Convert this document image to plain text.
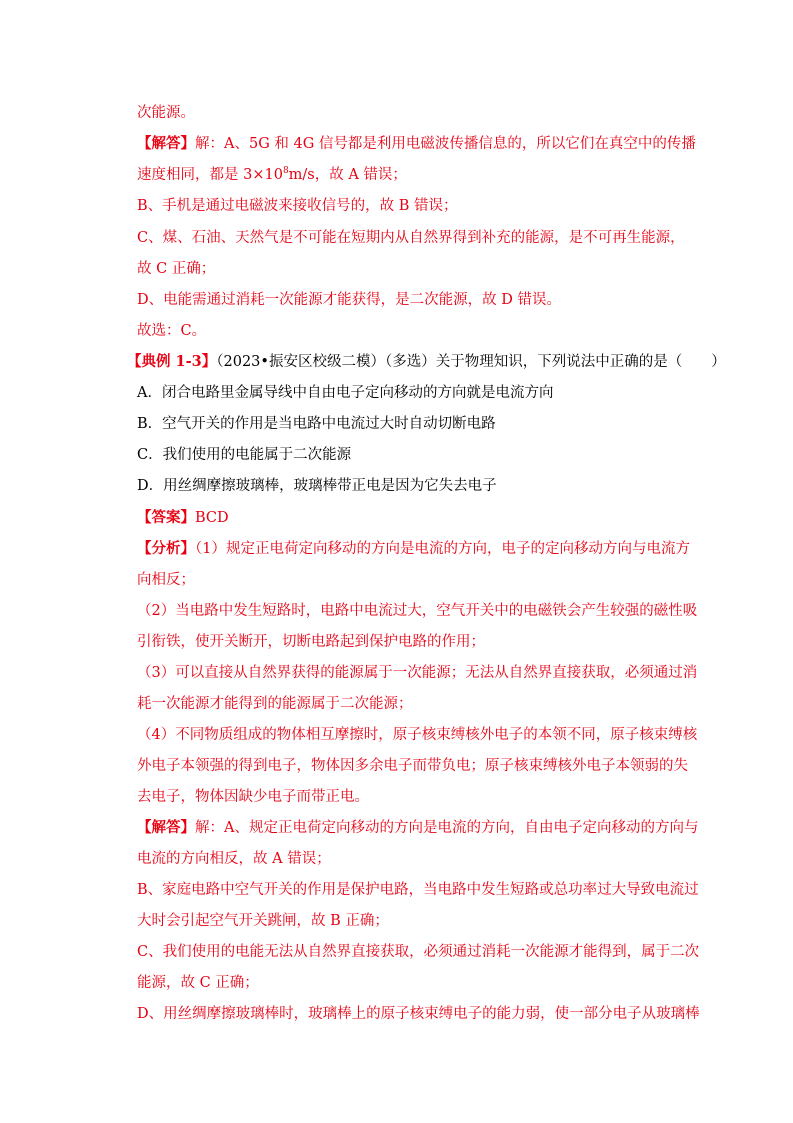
次能源。
【解答】解：A、5G 和 4G 信号都是利用电磁波传播信息的，所以它们在真空中的传播
速度相同，都是 $3\times 10^8m/s$，故 A 错误；
B、手机是通过电磁波来接收信号的，故 B 错误；
C、煤、石油、天然气是不可能在短期内从自然界得到补充的能源，是不可再生能源，
故 C 正确；
D、电能需通过消耗一次能源才能获得，是二次能源，故 D 错误。
故选：C。
【典例 1-3】（2023•振安区校级二模）（多选）关于物理知识，下列说法中正确的是（　　）
A．闭合电路里金属导线中自由电子定向移动的方向就是电流方向
B．空气开关的作用是当电路中电流过大时自动切断电路
C．我们使用的电能属于二次能源
D．用丝绸摩擦玻璃棒，玻璃棒带正电是因为它失去电子
【答案】BCD
【分析】（1）规定正电荷定向移动的方向是电流的方向，电子的定向移动方向与电流方
向相反；
（2）当电路中发生短路时，电路中电流过大，空气开关中的电磁铁会产生较强的磁性吸
引衔铁，使开关断开，切断电路起到保护电路的作用；
（3）可以直接从自然界获得的能源属于一次能源；无法从自然界直接获取，必须通过消
耗一次能源才能得到的能源属于二次能源；
（4）不同物质组成的物体相互摩擦时，原子核束缚核外电子的本领不同，原子核束缚核
外电子本领强的得到电子，物体因多余电子而带负电；原子核束缚核外电子本领弱的失
去电子，物体因缺少电子而带正电。
【解答】解：A、规定正电荷定向移动的方向是电流的方向，自由电子定向移动的方向与
电流的方向相反，故 A 错误；
B、家庭电路中空气开关的作用是保护电路，当电路中发生短路或总功率过大导致电流过
大时会引起空气开关跳闸，故 B 正确；
C、我们使用的电能无法从自然界直接获取，必须通过消耗一次能源才能得到，属于二次
能源，故 C 正确；
D、用丝绸摩擦玻璃棒时，玻璃棒上的原子核束缚电子的能力弱，使一部分电子从玻璃棒
